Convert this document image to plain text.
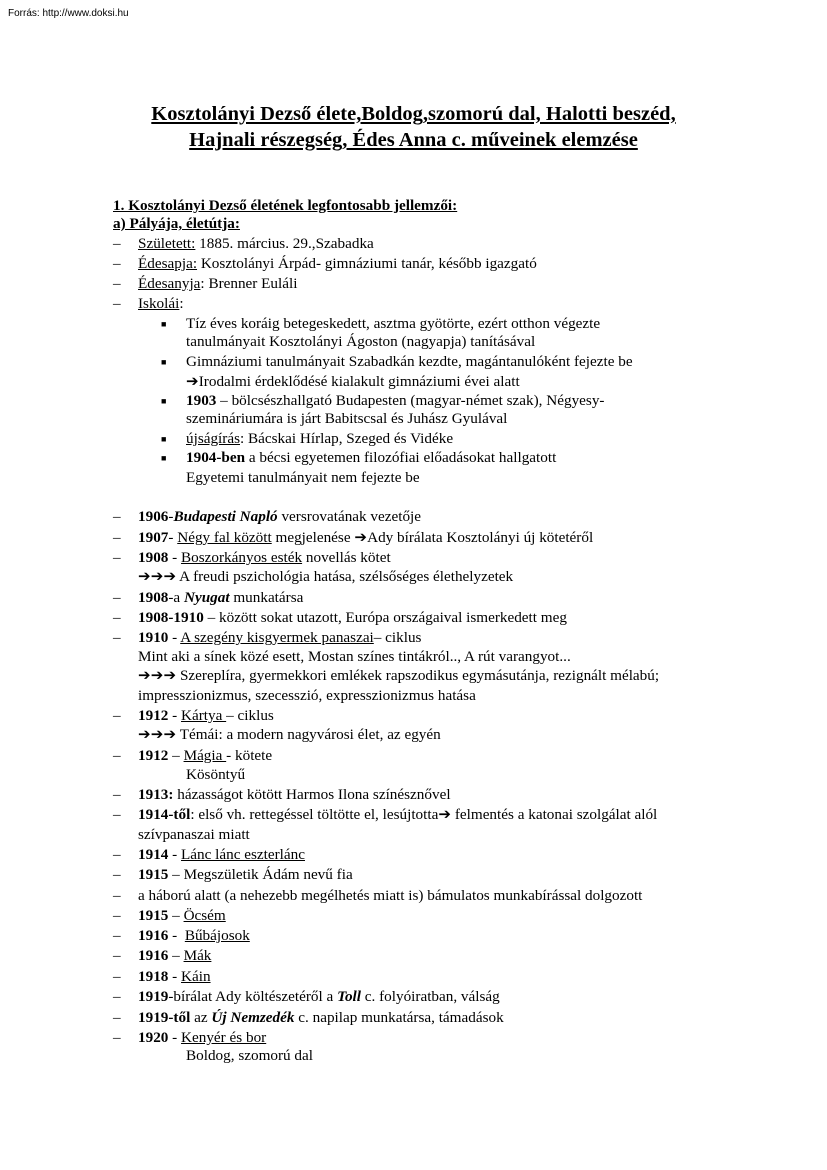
Forrás: http://www.doksi.hu
Kosztolányi Dezső élete,Boldog,szomorú dal, Halotti beszéd,
Hajnali részegség, Édes Anna c. műveinek elemzése
1. Kosztolányi Dezső életének legfontosabb jellemzői:
a) Pályája, életútja:
– Született: 1885. március. 29.,Szabadka
– Édesapja: Kosztolányi Árpád- gimnáziumi tanár, később igazgató
– Édesanyja: Brenner Euláli
– Iskolái:
■ Tíz éves koráig betegeskedett, asztma gyötörte, ezért otthon végezte
tanulmányait Kosztolányi Ágoston (nagyapja) tanításával
■ Gimnáziumi tanulmányait Szabadkán kezdte, magántanulóként fejezte be
➔Irodalmi érdeklődésé kialakult gimnáziumi évei alatt
■ 1903 – bölcsészhallgató Budapesten (magyar-német szak), Négyesy-
szemináriumára is járt Babitscsal és Juhász Gyulával
■ újságírás: Bácskai Hírlap, Szeged és Vidéke
■ 1904-ben a bécsi egyetemen filozófiai előadásokat hallgatott
Egyetemi tanulmányait nem fejezte be
– 1906-Budapesti Napló versrovatának vezetője
– 1907- Négy fal között megjelenése ➔Ady bírálata Kosztolányi új kötetéről
– 1908 - Boszorkányos esték novellás kötet
➔➔➔ A freudi pszichológia hatása, szélsőséges élethelyzetek
– 1908-a Nyugat munkatársa
– 1908-1910 – között sokat utazott, Európa országaival ismerkedett meg
– 1910 - A szegény kisgyermek panaszai– ciklus
Mint aki a sínek közé esett, Mostan színes tintákról.., A rút varangyot...
➔➔➔ Szereplíra, gyermekkori emlékek rapszodikus egymásutánja, rezignált mélabú;
impresszionizmus, szecesszió, expresszionizmus hatása
– 1912 - Kártya – ciklus
➔➔➔ Témái: a modern nagyvárosi élet, az egyén
– 1912 – Mágia - kötete
Kösöntyű
– 1913: házasságot kötött Harmos Ilona színésznővel
– 1914-től: első vh. rettegéssel töltötte el, lesújtotta➔ felmentés a katonai szolgálat alól
szívpanaszai miatt
– 1914 - Lánc lánc eszterlánc
– 1915 – Megszületik Ádám nevű fia
– a háború alatt (a nehezebb megélhetés miatt is) bámulatos munkabírással dolgozott
– 1915 – Öcsém
– 1916 -  Bűbájosok
– 1916 – Mák
– 1918 - Káin
– 1919-bírálat Ady költészetéről a Toll c. folyóiratban, válság
– 1919-től az Új Nemzedék c. napilap munkatársa, támadások
– 1920 - Kenyér és bor
Boldog, szomorú dal
